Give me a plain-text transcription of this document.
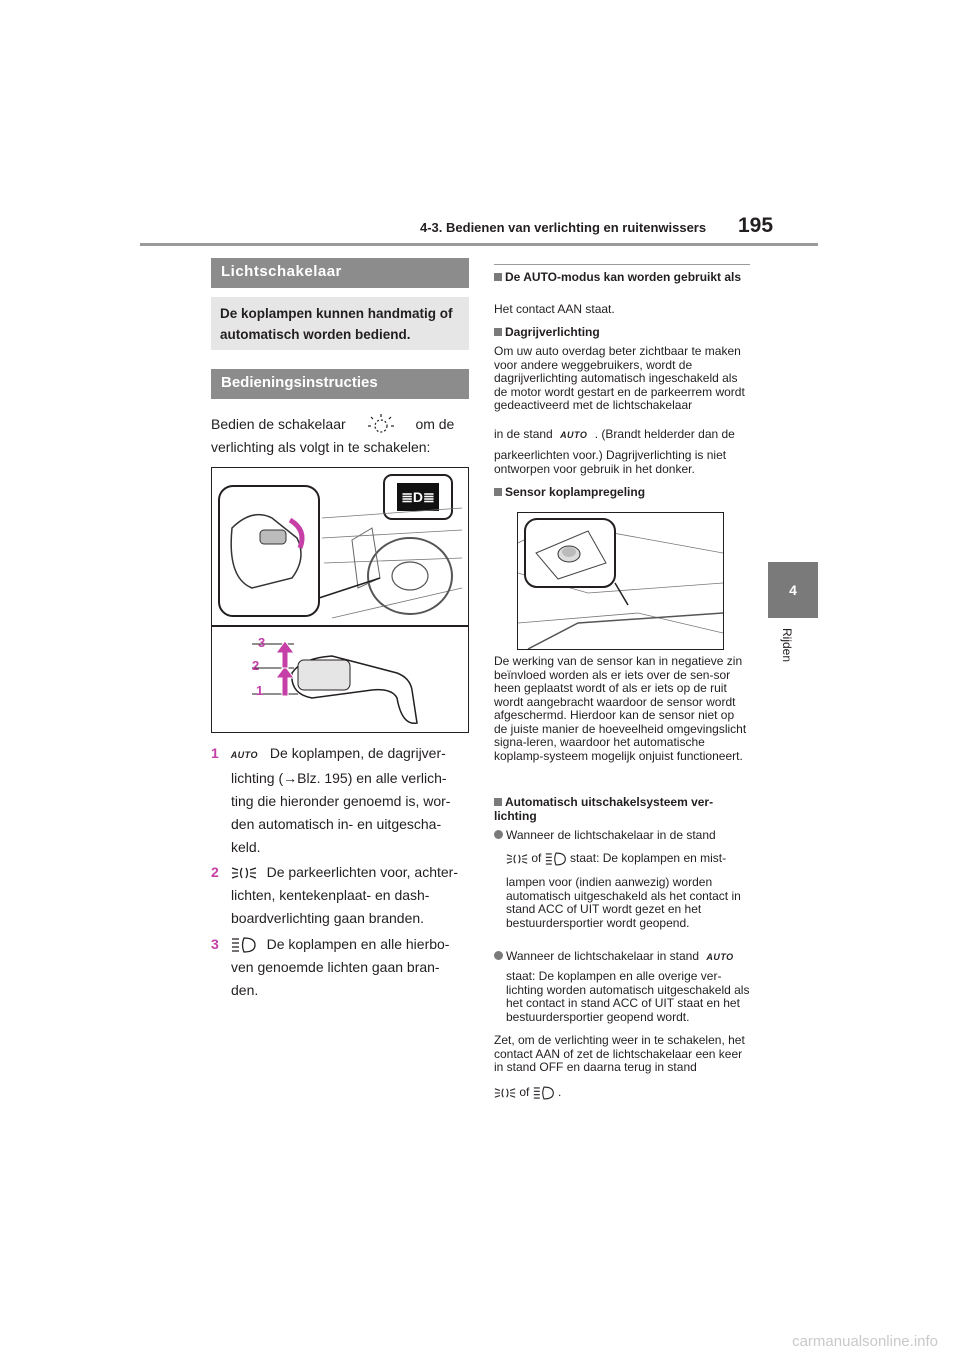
4-3. Bedienen van verlichting en ruitenwissers 195
4
Rijden
Lichtschakelaar
De koplampen kunnen handmatig of automatisch worden bediend.
Bedieningsinstructies
Bedien de schakelaar	om de
verlichting als volgt in te schakelen:
≣D≣
3
2
1
1 AUTO De koplampen, de dagrijver-
lichting (→Blz. 195) en alle verlich-
ting die hieronder genoemd is, wor-
den automatisch in- en uitgescha-
keld.
2	De parkeerlichten voor, achter-
lichten, kentekenplaat- en dash-
boardverlichting gaan branden.
3	De koplampen en alle hierbo-
ven genoemde lichten gaan bran-
den.
De AUTO-modus kan worden gebruikt als
Het contact AAN staat.
Dagrijverlichting
Om uw auto overdag beter zichtbaar te maken voor andere weggebruikers, wordt de dagrijverlichting automatisch ingeschakeld als de motor wordt gestart en de parkeerrem wordt gedeactiveerd met de lichtschakelaar
in de stand AUTO . (Brandt helderder dan de
parkeerlichten voor.) Dagrijverlichting is niet ontworpen voor gebruik in het donker.
Sensor koplampregeling
De werking van de sensor kan in negatieve zin beïnvloed worden als er iets over de sen-sor heen geplaatst wordt of als er iets op de ruit wordt aangebracht waardoor de sensor wordt afgeschermd. Hierdoor kan de sensor niet op de juiste manier de hoeveelheid omgevingslicht signa-leren, waardoor het automatische koplamp-systeem mogelijk onjuist functioneert.
Automatisch uitschakelsysteem ver-lichting
Wanneer de lichtschakelaar in de stand
of staat: De koplampen en mist-
lampen voor (indien aanwezig) worden automatisch uitgeschakeld als het contact in stand ACC of UIT wordt gezet en het bestuurdersportier wordt geopend.
Wanneer de lichtschakelaar in stand AUTO
staat: De koplampen en alle overige ver-lichting worden automatisch uitgeschakeld als het contact in stand ACC of UIT staat en het bestuurdersportier geopend wordt.
Zet, om de verlichting weer in te schakelen, het contact AAN of zet de lichtschakelaar een keer in stand OFF en daarna terug in stand
of .
carmanualsonline.info
